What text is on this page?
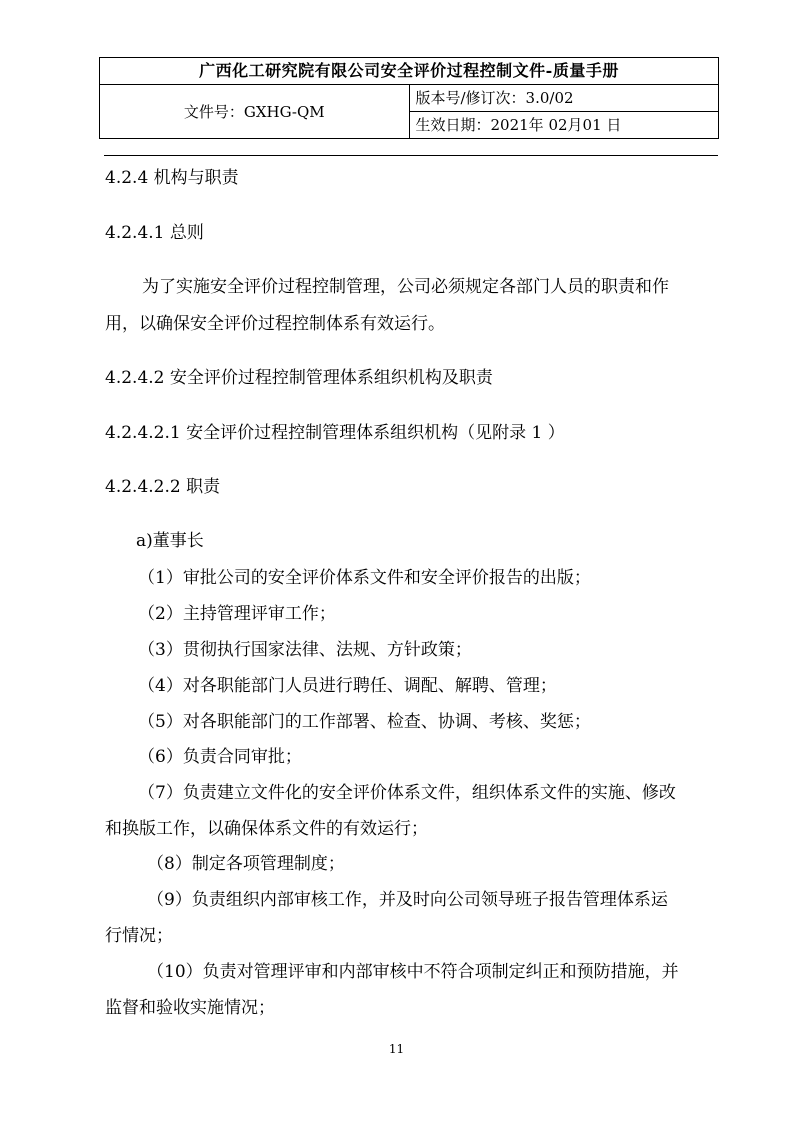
广西化工研究院有限公司安全评价过程控制文件-质量手册
文件号：GXHG-QM	版本号/修订次：3.0/02
生效日期：2021年 02月01 日
4.2.4 机构与职责
4.2.4.1 总则
为了实施安全评价过程控制管理，公司必须规定各部门人员的职责和作
用，以确保安全评价过程控制体系有效运行。
4.2.4.2 安全评价过程控制管理体系组织机构及职责
4.2.4.2.1 安全评价过程控制管理体系组织机构（见附录 1 ）
4.2.4.2.2 职责
a)董事长
（1）审批公司的安全评价体系文件和安全评价报告的出版；
（2）主持管理评审工作；
（3）贯彻执行国家法律、法规、方针政策；
（4）对各职能部门人员进行聘任、调配、解聘、管理；
（5）对各职能部门的工作部署、检查、协调、考核、奖惩；
（6）负责合同审批；
（7）负责建立文件化的安全评价体系文件，组织体系文件的实施、修改
和换版工作，以确保体系文件的有效运行；
（8）制定各项管理制度；
（9）负责组织内部审核工作，并及时向公司领导班子报告管理体系运
行情况；
（10）负责对管理评审和内部审核中不符合项制定纠正和预防措施，并
监督和验收实施情况；
11
